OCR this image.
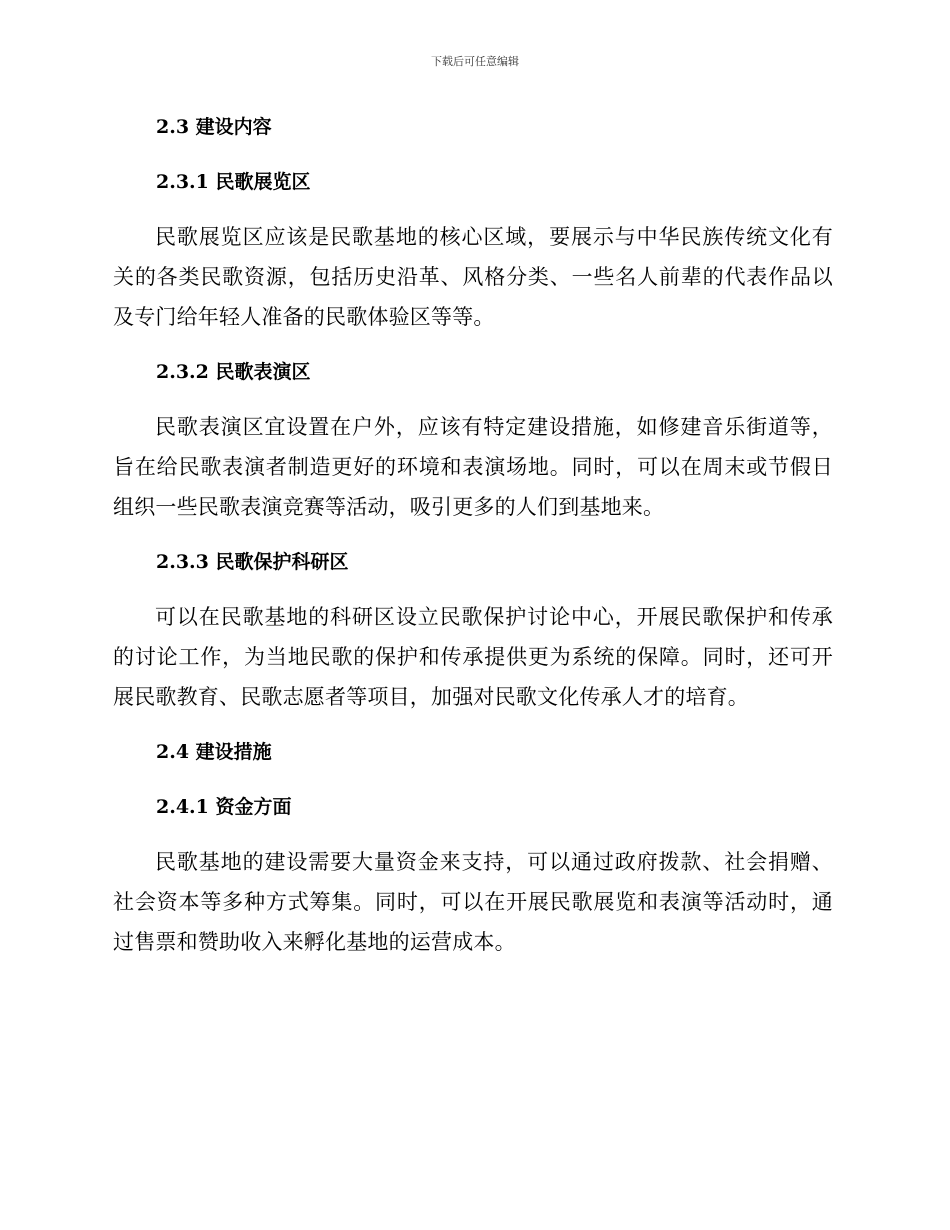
下载后可任意编辑
2.3 建设内容
2.3.1 民歌展览区

民歌展览区应该是民歌基地的核心区域，要展示与中华民族传统文化有关的各类民歌资源，包括历史沿革、风格分类、一些名人前辈的代表作品以及专门给年轻人准备的民歌体验区等等。

2.3.2 民歌表演区

民歌表演区宜设置在户外，应该有特定建设措施，如修建音乐街道等，旨在给民歌表演者制造更好的环境和表演场地。同时，可以在周末或节假日组织一些民歌表演竞赛等活动，吸引更多的人们到基地来。

2.3.3 民歌保护科研区

可以在民歌基地的科研区设立民歌保护讨论中心，开展民歌保护和传承的讨论工作，为当地民歌的保护和传承提供更为系统的保障。同时，还可开展民歌教育、民歌志愿者等项目，加强对民歌文化传承人才的培育。

2.4 建设措施
2.4.1 资金方面

民歌基地的建设需要大量资金来支持，可以通过政府拨款、社会捐赠、社会资本等多种方式筹集。同时，可以在开展民歌展览和表演等活动时，通过售票和赞助收入来孵化基地的运营成本。
